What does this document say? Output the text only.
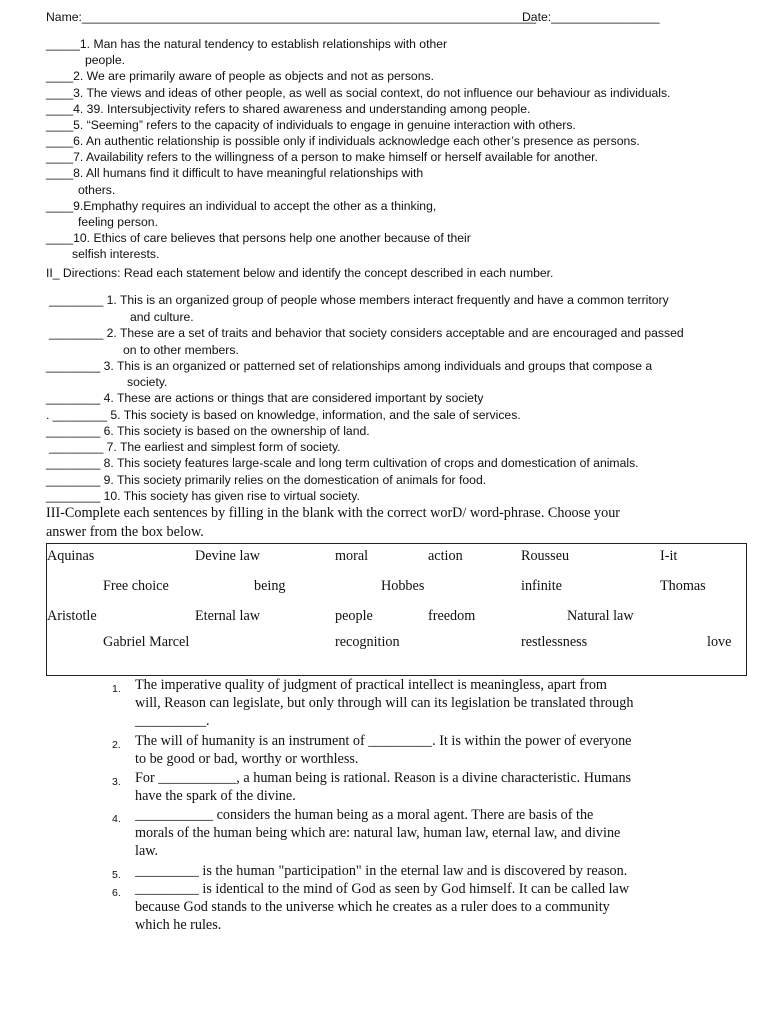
Name:___________________________________________________________________
Date:________________
_____1. Man has the natural tendency to establish relationships with other
people.
____2. We are primarily aware of people as objects and not as persons.
____3. The views and ideas of other people, as well as social context, do not influence our behaviour as individuals.
____4. 39. Intersubjectivity refers to shared awareness and understanding among people.
____5. “Seeming” refers to the capacity of individuals to engage in genuine interaction with others.
____6. An authentic relationship is possible only if individuals acknowledge each other’s presence as persons.
____7. Availability refers to the willingness of a person to make himself or herself available for another.
____8. All humans find it difficult to have meaningful relationships with
others.
____9.Emphathy requires an individual to accept the other as a thinking,
feeling person.
____10. Ethics of care believes that persons help one another because of their
selfish interests.
II_ Directions: Read each statement below and identify the concept described in each number.
________ 1. This is an organized group of people whose members interact frequently and have a common territory
and culture.
________ 2. These are a set of traits and behavior that society considers acceptable and are encouraged and passed
on to other members.
________ 3. This is an organized or patterned set of relationships among individuals and groups that compose a
society.
________ 4. These are actions or things that are considered important by society
. ________ 5. This society is based on knowledge, information, and the sale of services.
________ 6. This society is based on the ownership of land.
________ 7. The earliest and simplest form of society.
________ 8. This society features large-scale and long term cultivation of crops and domestication of animals.
________ 9. This society primarily relies on the domestication of animals for food.
________ 10. This society has given rise to virtual society.
III-Complete each sentences by filling in the blank with the correct worD/ word-phrase. Choose your
answer from the box below.
Aquinas	Devine law	moral	action	Rousseu	I-it
Free choice	being	Hobbes	infinite	Thomas
Aristotle	Eternal law	people	freedom	Natural law
Gabriel Marcel	recognition	restlessness	love
1. The imperative quality of judgment of practical intellect is meaningless, apart from
will, Reason can legislate, but only through will can its legislation be translated through
__________.
2. The will of humanity is an instrument of _________. It is within the power of everyone
to be good or bad, worthy or worthless.
3. For ___________, a human being is rational. Reason is a divine characteristic. Humans
have the spark of the divine.
4. ___________ considers the human being as a moral agent. There are basis of the
morals of the human being which are: natural law, human law, eternal law, and divine
law.
5. _________ is the human "participation" in the eternal law and is discovered by reason.
6. _________ is identical to the mind of God as seen by God himself. It can be called law
because God stands to the universe which he creates as a ruler does to a community
which he rules.
